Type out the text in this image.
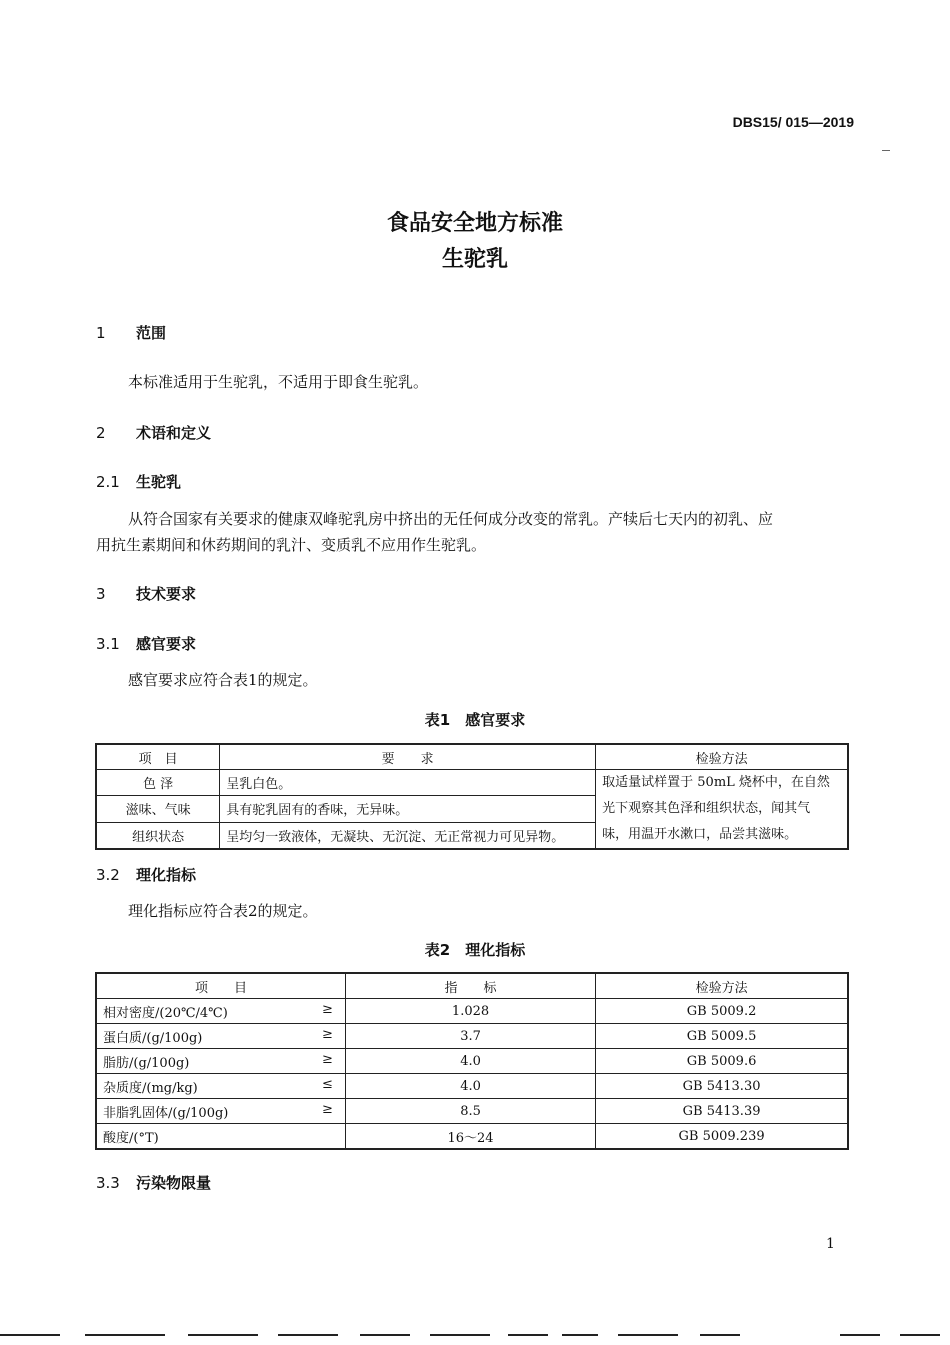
DBS15/ 015—2019
食品安全地方标准
生驼乳
1 范围
本标准适用于生驼乳，不适用于即食生驼乳。
2 术语和定义
2.1 生驼乳
从符合国家有关要求的健康双峰驼乳房中挤出的无任何成分改变的常乳。产犊后七天内的初乳、应
用抗生素期间和休药期间的乳汁、变质乳不应用作生驼乳。
3 技术要求
3.1 感官要求
感官要求应符合表1的规定。
表1　感官要求
项　目	要　　求	检验方法
色 泽	呈乳白色。	取适量试样置于 50mL 烧杯中，在自然
光下观察其色泽和组织状态，闻其气
味，用温开水漱口，品尝其滋味。

滋味、气味	具有驼乳固有的香味，无异味。	
组织状态	呈均匀一致液体，无凝块、无沉淀、无正常视力可见异物。	
3.2 理化指标
理化指标应符合表2的规定。
表2　理化指标
项　　目	指　　标	检验方法
相对密度/(20℃/4℃) ≥	1.028	GB 5009.2
蛋白质/(g/100g) ≥	3.7	GB 5009.5
脂肪/(g/100g) ≥	4.0	GB 5009.6
杂质度/(mg/kg) ≤	4.0	GB 5413.30
非脂乳固体/(g/100g) ≥	8.5	GB 5413.39
酸度/(°T)	16～24	GB 5009.239
3.3 污染物限量
1
